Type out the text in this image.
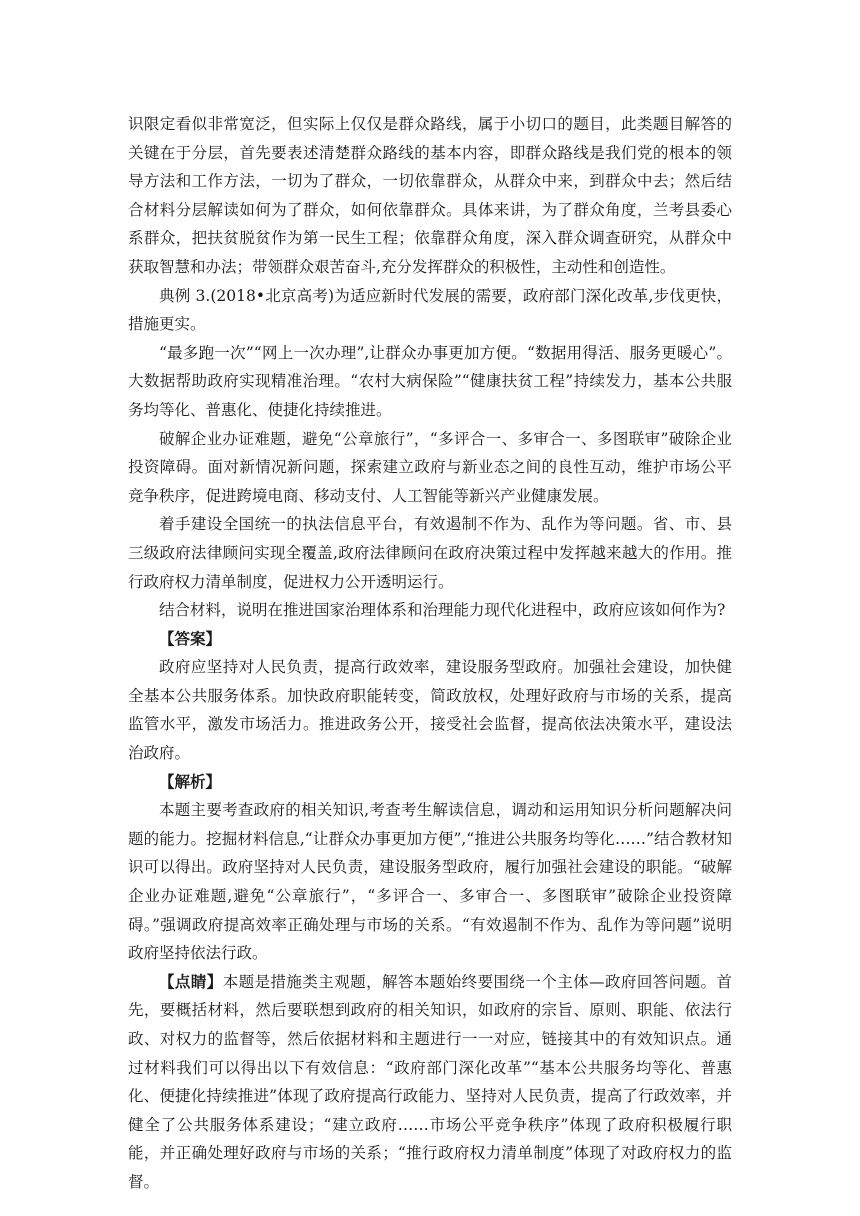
识限定看似非常宽泛，但实际上仅仅是群众路线，属于小切口的题目，此类题目解答的关键在于分层，首先要表述清楚群众路线的基本内容，即群众路线是我们党的根本的领导方法和工作方法，一切为了群众，一切依靠群众，从群众中来，到群众中去；然后结合材料分层解读如何为了群众，如何依靠群众。具体来讲，为了群众角度，兰考县委心系群众，把扶贫脱贫作为第一民生工程；依靠群众角度，深入群众调查研究，从群众中获取智慧和办法；带领群众艰苦奋斗,充分发挥群众的积极性，主动性和创造性。

典例 3.(2018•北京高考)为适应新时代发展的需要，政府部门深化改革,步伐更快，措施更实。

“最多跑一次”“网上一次办理”,让群众办事更加方便。“数据用得活、服务更暖心”。大数据帮助政府实现精准治理。“农村大病保险”“健康扶贫工程”持续发力，基本公共服务均等化、普惠化、使捷化持续推进。

破解企业办证难题，避免“公章旅行”，“多评合一、多审合一、多图联审”破除企业投资障碍。面对新情况新问题，探索建立政府与新业态之间的良性互动，维护市场公平竞争秩序，促进跨境电商、移动支付、人工智能等新兴产业健康发展。

着手建设全国统一的执法信息平台，有效遏制不作为、乱作为等问题。省、市、县三级政府法律顾问实现全覆盖,政府法律顾问在政府决策过程中发挥越来越大的作用。推行政府权力清单制度，促进权力公开透明运行。

结合材料，说明在推进国家治理体系和治理能力现代化进程中，政府应该如何作为?

【答案】

政府应坚持对人民负责，提高行政效率，建设服务型政府。加强社会建设，加快健全基本公共服务体系。加快政府职能转变，简政放权，处理好政府与市场的关系，提高监管水平，激发市场活力。推进政务公开，接受社会监督，提高依法决策水平，建设法治政府。

【解析】

本题主要考查政府的相关知识,考查考生解读信息，调动和运用知识分析问题解决问题的能力。挖掘材料信息,“让群众办事更加方便”,“推进公共服务均等化……”结合教材知识可以得出。政府坚持对人民负责，建设服务型政府，履行加强社会建设的职能。“破解企业办证难题,避免“公章旅行”，“多评合一、多审合一、多图联审”破除企业投资障碍。”强调政府提高效率正确处理与市场的关系。“有效遏制不作为、乱作为等问题”说明政府坚持依法行政。

【点睛】本题是措施类主观题，解答本题始终要围绕一个主体—政府回答问题。首先，要概括材料，然后要联想到政府的相关知识，如政府的宗旨、原则、职能、依法行政、对权力的监督等，然后依据材料和主题进行一一对应，链接其中的有效知识点。通过材料我们可以得出以下有效信息：“政府部门深化改革”“基本公共服务均等化、普惠化、便捷化持续推进”体现了政府提高行政能力、坚持对人民负责，提高了行政效率，并健全了公共服务体系建设；“建立政府……市场公平竞争秩序”体现了政府积极履行职能，并正确处理好政府与市场的关系；“推行政府权力清单制度”体现了对政府权力的监督。
